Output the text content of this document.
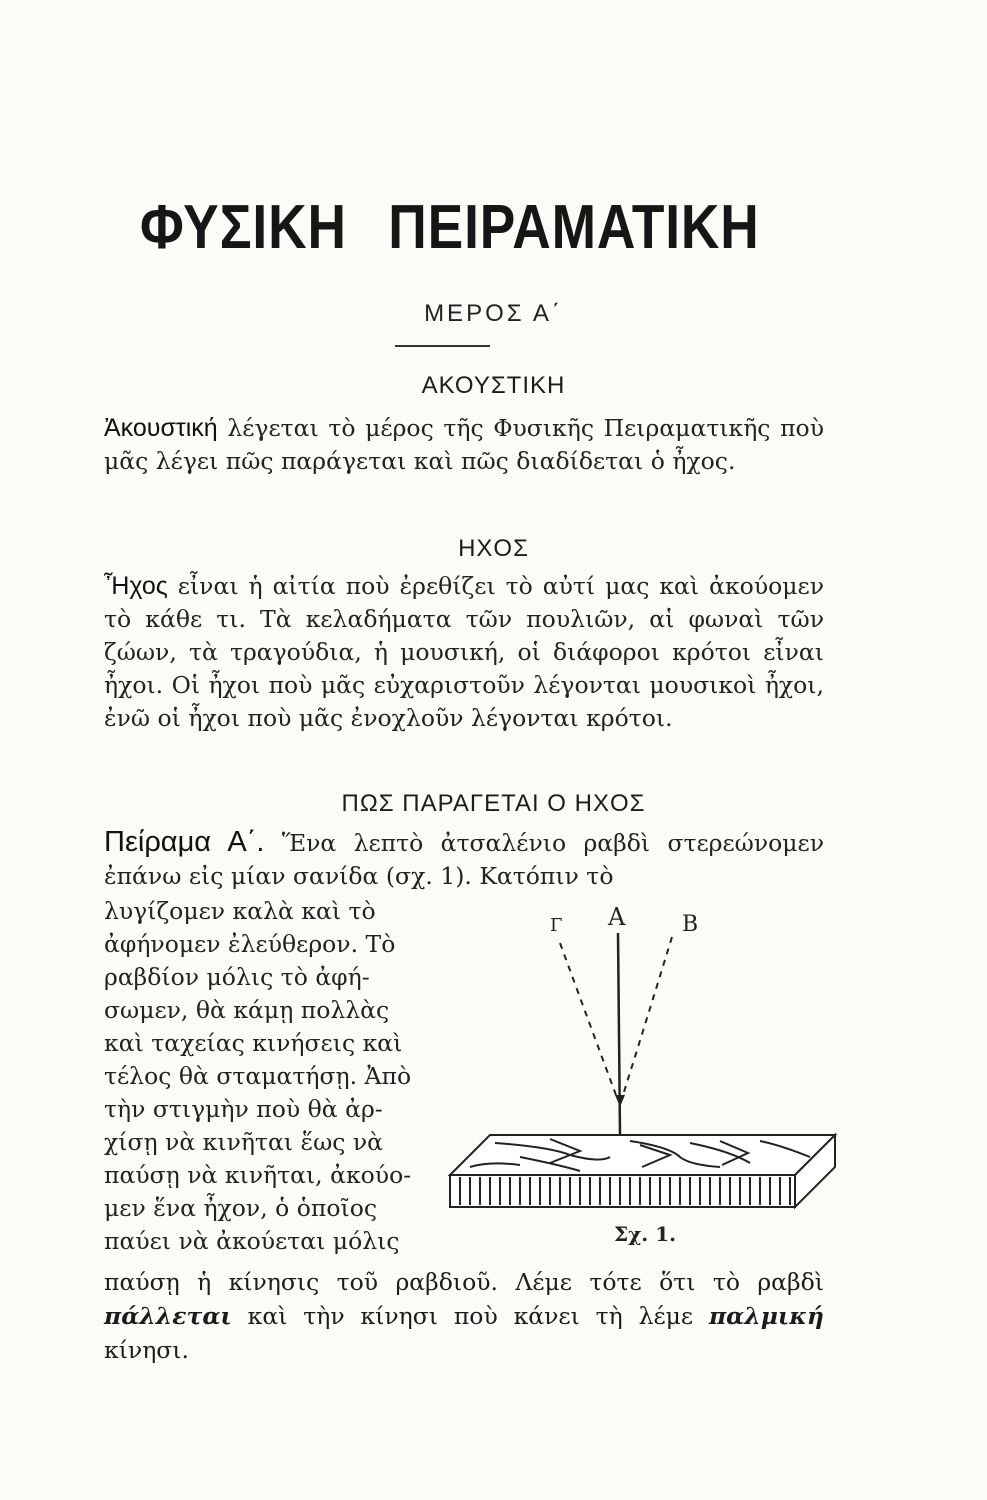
ΦΥΣΙΚΗ ΠΕΙΡΑΜΑΤΙΚΗ
ΜΕΡΟΣ Α΄
ΑΚΟΥΣΤΙΚΗ
Ἀκουστική λέγεται τὸ μέρος τῆς Φυσικῆς Πειραματικῆς ποὺ μᾶς λέγει πῶς παράγεται καὶ πῶς διαδίδεται ὁ ἦχος.
ΗΧΟΣ
Ἦχος εἶναι ἡ αἰτία ποὺ ἐρεθίζει τὸ αὐτί μας καὶ ἀκούομεν τὸ κάθε τι. Τὰ κελαδήματα τῶν πουλιῶν, αἱ φωναὶ τῶν ζώων, τὰ τραγούδια, ἡ μουσική, οἱ διάφοροι κρότοι εἶναι ἦχοι. Οἱ ἦχοι ποὺ μᾶς εὐχαριστοῦν λέγονται μουσικοὶ ἦχοι, ἐνῶ οἱ ἦχοι ποὺ μᾶς ἐνοχλοῦν λέγονται κρότοι.
ΠΩΣ ΠΑΡΑΓΕΤΑΙ Ο ΗΧΟΣ
Πείραμα Α΄. Ἕνα λεπτὸ ἀτσαλένιο ραβδὶ στερεώνομεν ἐπάνω εἰς μίαν σανίδα (σχ. 1). Κατόπιν τὸ
λυγίζομεν καλὰ καὶ τὸ
ἀφήνομεν ἐλεύθερον. Τὸ
ραβδίον μόλις τὸ ἀφή-
σωμεν, θὰ κάμῃ πολλὰς
καὶ ταχείας κινήσεις καὶ
τέλος θὰ σταματήσῃ. Ἀπὸ
τὴν στιγμὴν ποὺ θὰ ἀρ-
χίσῃ νὰ κινῆται ἕως νὰ
παύσῃ νὰ κινῆται, ἀκούο-
μεν ἕνα ἦχον, ὁ ὁποῖος
παύει νὰ ἀκούεται μόλις
Α	Β
Γ
Σχ. 1.
παύσῃ ἡ κίνησις τοῦ ραβδιοῦ. Λέμε τότε ὅτι τὸ ραβδὶ πάλλεται καὶ τὴν κίνησι ποὺ κάνει τὴ λέμε παλμική κίνησι.
